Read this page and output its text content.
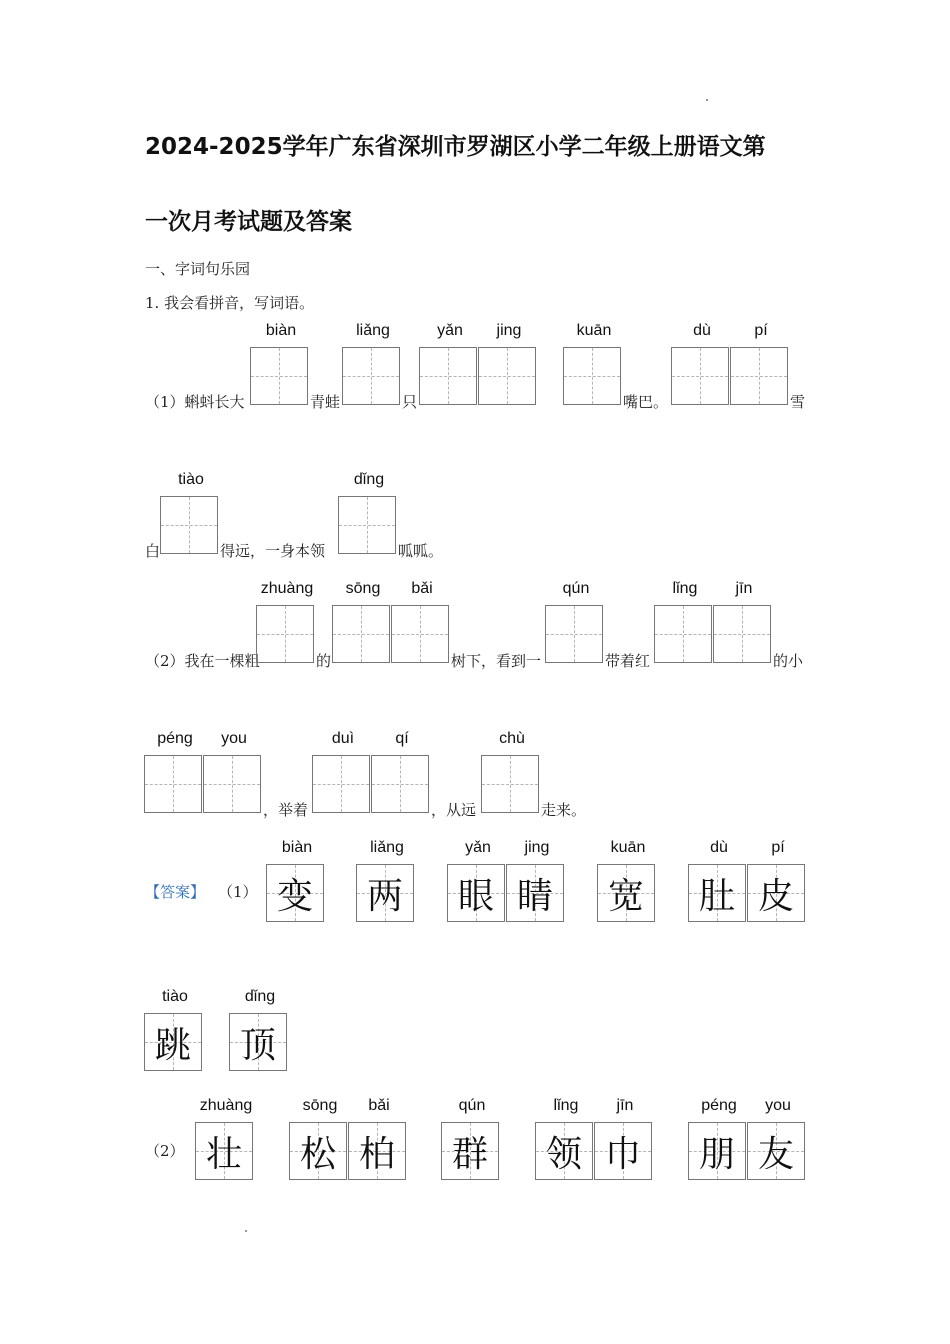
2024-2025学年广东省深圳市罗湖区小学二年级上册语文第
一次月考试题及答案
一、字词句乐园
1. 我会看拼音，写词语。
（1）蝌蚪长大
biàn
青蛙
liǎng
只
yǎn	jing	kuān
嘴巴。
dù	pí
雪
白
tiào
得远，一身本领
dǐng
呱呱。
（2）我在一棵粗
zhuàng
的
sōng	bǎi
树下，看到一
qún
带着红
lǐng	jīn
的小
péng	you
，举着
duì	qí
，从远
chù
走来。
【答案】 （1）
biàn
变
liǎng
两
yǎn
眼
jing
睛
kuān
宽
dù
肚
pí
皮
tiào
跳
dǐng
顶
（2）
zhuàng
壮
sōng
松
bǎi
柏
qún
群
lǐng
领
jīn
巾
péng
朋
you
友
